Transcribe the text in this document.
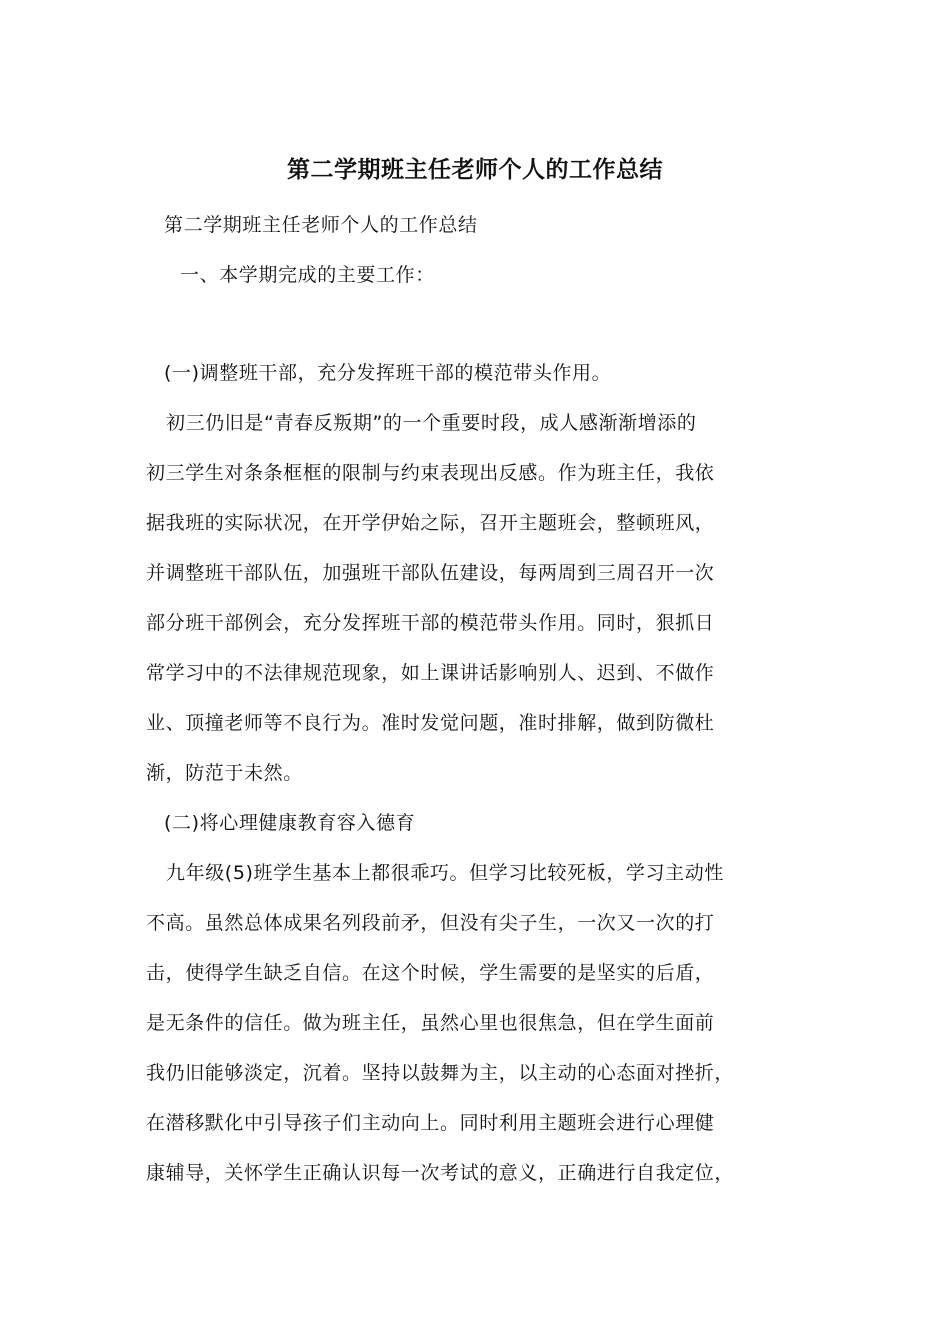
第二学期班主任老师个人的工作总结
第二学期班主任老师个人的工作总结
一、本学期完成的主要工作：
(一)调整班干部，充分发挥班干部的模范带头作用。
初三仍旧是“青春反叛期”的一个重要时段，成人感渐渐增添的
初三学生对条条框框的限制与约束表现出反感。作为班主任，我依
据我班的实际状况，在开学伊始之际，召开主题班会，整顿班风，
并调整班干部队伍，加强班干部队伍建设，每两周到三周召开一次
部分班干部例会，充分发挥班干部的模范带头作用。同时，狠抓日
常学习中的不法律规范现象，如上课讲话影响别人、迟到、不做作
业、顶撞老师等不良行为。准时发觉问题，准时排解，做到防微杜
渐，防范于未然。
(二)将心理健康教育容入德育
九年级(5)班学生基本上都很乖巧。但学习比较死板，学习主动性
不高。虽然总体成果名列段前矛，但没有尖子生，一次又一次的打
击，使得学生缺乏自信。在这个时候，学生需要的是坚实的后盾，
是无条件的信任。做为班主任，虽然心里也很焦急，但在学生面前
我仍旧能够淡定，沉着。坚持以鼓舞为主，以主动的心态面对挫折，
在潜移默化中引导孩子们主动向上。同时利用主题班会进行心理健
康辅导，关怀学生正确认识每一次考试的意义，正确进行自我定位，
